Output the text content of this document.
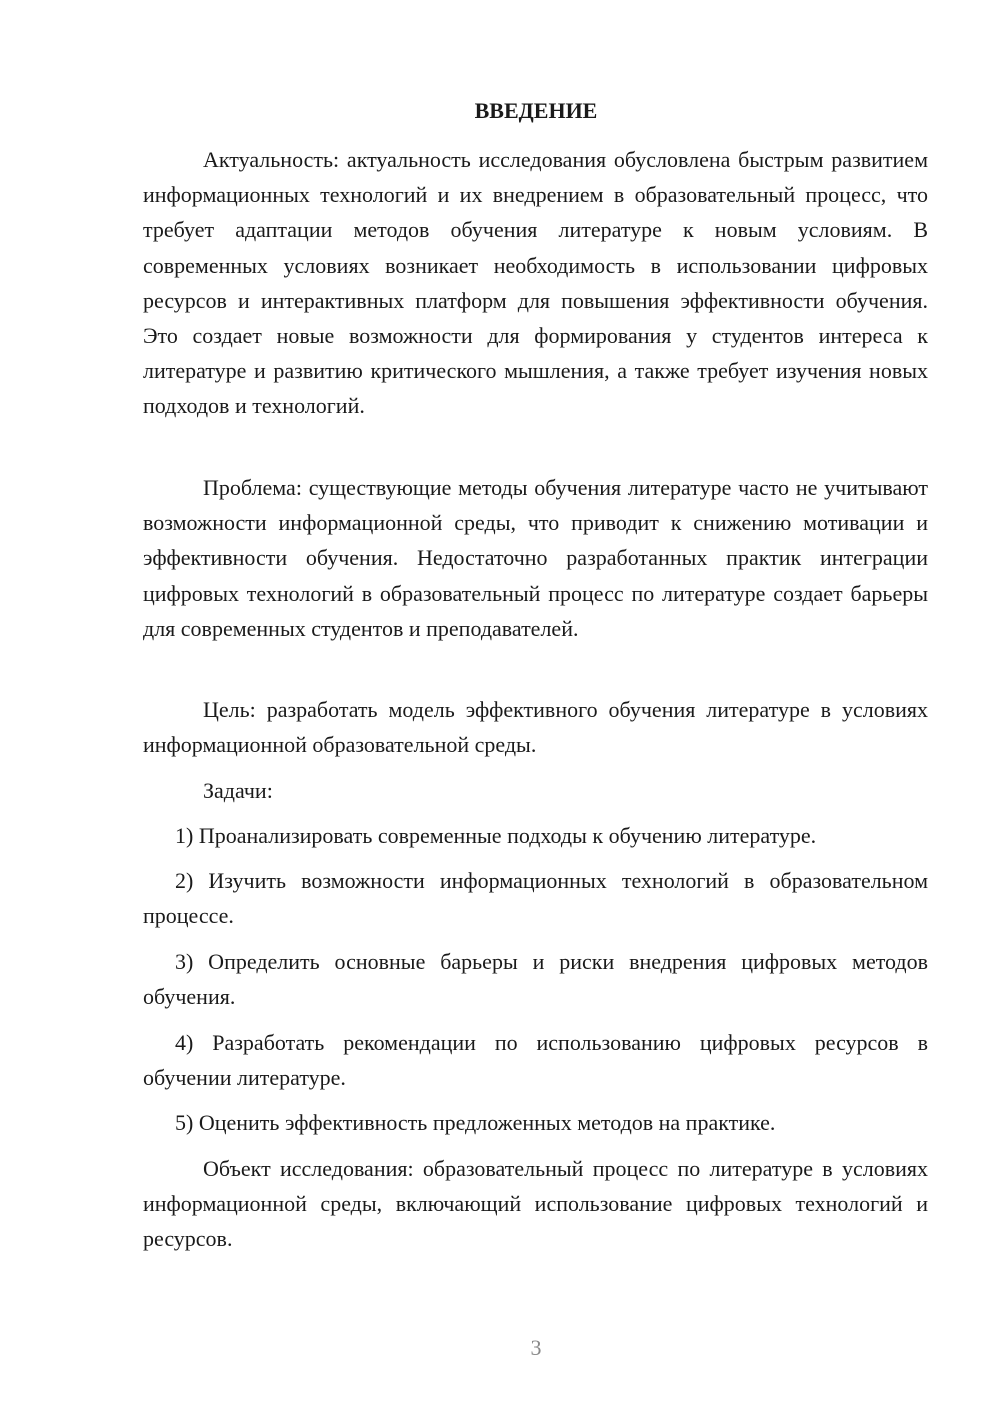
ВВЕДЕНИЕ

Актуальность: актуальность исследования обусловлена быстрым развитием информационных технологий и их внедрением в образовательный процесс, что требует адаптации методов обучения литературе к новым условиям. В современных условиях возникает необходимость в использовании цифровых ресурсов и интерактивных платформ для повышения эффективности обучения. Это создает новые возможности для формирования у студентов интереса к литературе и развитию критического мышления, а также требует изучения новых подходов и технологий.

Проблема: существующие методы обучения литературе часто не учитывают возможности информационной среды, что приводит к снижению мотивации и эффективности обучения. Недостаточно разработанных практик интеграции цифровых технологий в образовательный процесс по литературе создает барьеры для современных студентов и преподавателей.

Цель: разработать модель эффективного обучения литературе в условиях информационной образовательной среды.

Задачи:

1) Проанализировать современные подходы к обучению литературе.

2) Изучить возможности информационных технологий в образовательном процессе.

3) Определить основные барьеры и риски внедрения цифровых методов обучения.

4) Разработать рекомендации по использованию цифровых ресурсов в обучении литературе.

5) Оценить эффективность предложенных методов на практике.

Объект исследования: образовательный процесс по литературе в условиях информационной среды, включающий использование цифровых технологий и ресурсов.

3
